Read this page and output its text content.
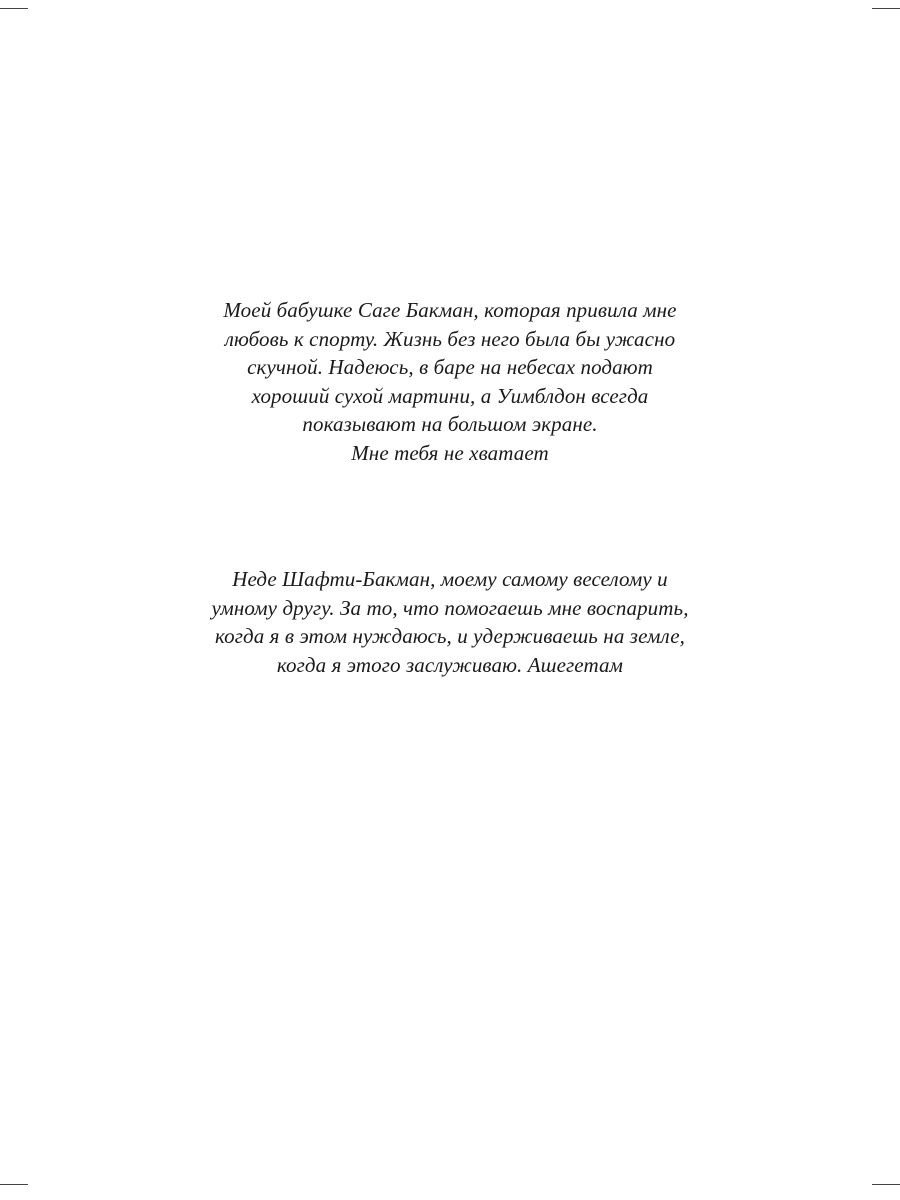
Моей бабушке Саге Бакман, которая привила мне
любовь к спорту. Жизнь без него была бы ужасно
скучной. Надеюсь, в баре на небесах подают
хороший сухой мартини, а Уимблдон всегда
показывают на большом экране.
Мне тебя не хватает
Неде Шафти-Бакман, моему самому веселому и
умному другу. За то, что помогаешь мне воспарить,
когда я в этом нуждаюсь, и удерживаешь на земле,
когда я этого заслуживаю. Ашегетам
